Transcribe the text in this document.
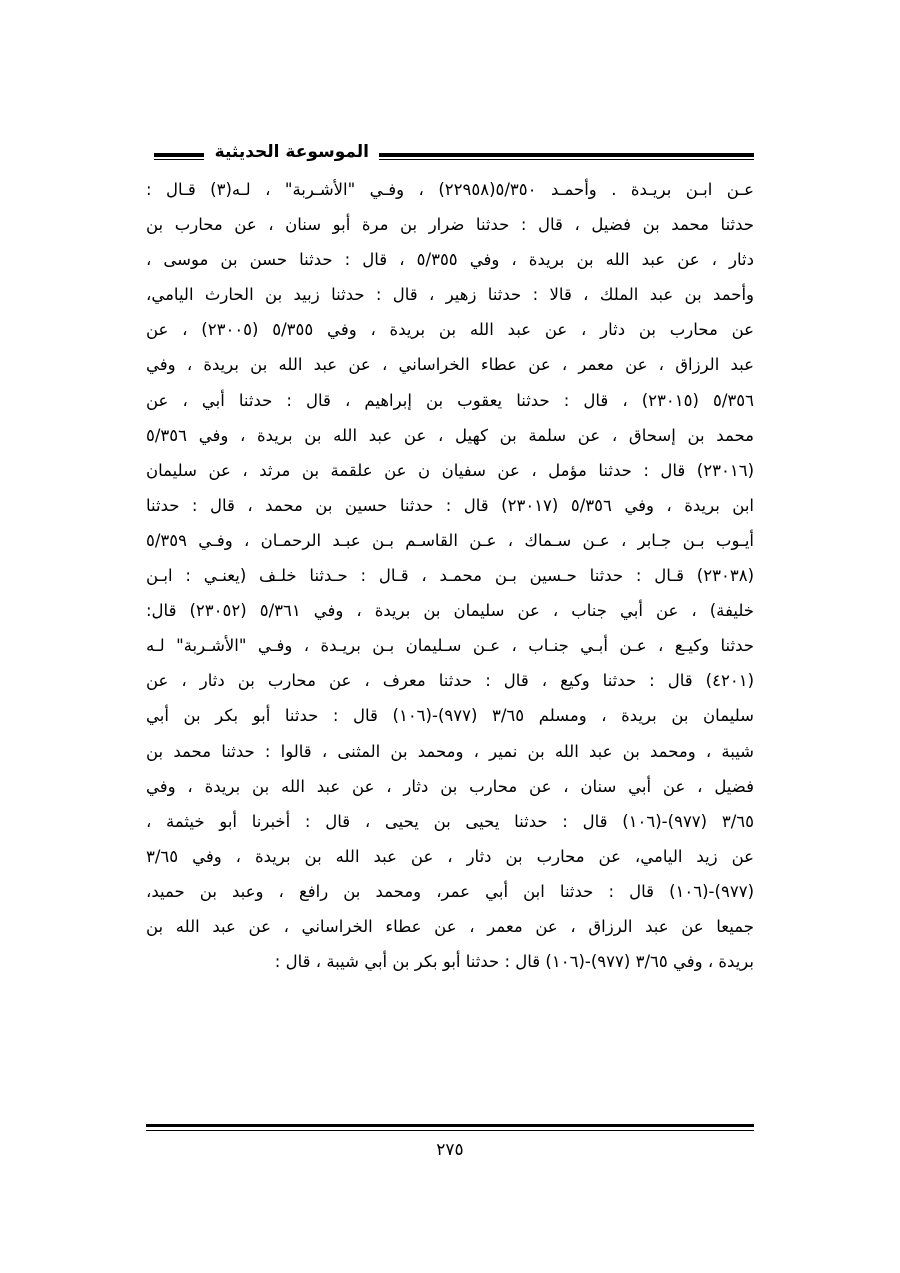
الموسوعة الحديثية
عـن ابـن بريـدة . وأحمـد ٥/٣٥٠(٢٢٩٥٨) ، وفـي "الأشـربة" ، لـه(٣) قـال :
حدثنا محمد بن فضيل ، قال : حدثنا ضرار بن مرة أبو سنان ، عن محارب بن
دثار ، عن عبد الله بن بريدة ، وفي ٥/٣٥٥ ، قال : حدثنا حسن بن موسى ،
وأحمد بن عبد الملك ، قالا : حدثنا زهير ، قال : حدثنا زبيد بن الحارث اليامي،
عن محارب بن دثار ، عن عبد الله بن بريدة ، وفي ٥/٣٥٥ (٢٣٠٠٥) ، عن
عبد الرزاق ، عن معمر ، عن عطاء الخراساني ، عن عبد الله بن بريدة ، وفي
٥/٣٥٦ (٢٣٠١٥) ، قال : حدثنا يعقوب بن إبراهيم ، قال : حدثنا أبي ، عن
محمد بن إسحاق ، عن سلمة بن كهيل ، عن عبد الله بن بريدة ، وفي ٥/٣٥٦
(٢٣٠١٦) قال : حدثنا مؤمل ، عن سفيان ن عن علقمة بن مرثد ، عن سليمان
ابن بريدة ، وفي ٥/٣٥٦ (٢٣٠١٧) قال : حدثنا حسين بن محمد ، قال : حدثنا
أيـوب بـن جـابر ، عـن سـماك ، عـن القاسـم بـن عبـد الرحمـان ، وفـي ٥/٣٥٩
(٢٣٠٣٨) قـال : حدثنا حـسين بـن محمـد ، قـال : حـدثنا خلـف (يعنـي : ابـن
خليفة) ، عن أبي جناب ، عن سليمان بن بريدة ، وفي ٥/٣٦١ (٢٣٠٥٢) قال:
حدثنا وكيـع ، عـن أبـي جنـاب ، عـن سـليمان بـن بريـدة ، وفـي "الأشـربة" لـه
(٤٢٠١) قال : حدثنا وكيع ، قال : حدثنا معرف ، عن محارب بن دثار ، عن
سليمان بن بريدة ، ومسلم ٣/٦٥ (٩٧٧)-(١٠٦) قال : حدثنا أبو بكر بن أبي
شيبة ، ومحمد بن عبد الله بن نمير ، ومحمد بن المثنى ، قالوا : حدثنا محمد بن
فضيل ، عن أبي سنان ، عن محارب بن دثار ، عن عبد الله بن بريدة ، وفي
٣/٦٥ (٩٧٧)-(١٠٦) قال : حدثنا يحيى بن يحيى ، قال : أخبرنا أبو خيثمة ،
عن زيد اليامي، عن محارب بن دثار ، عن عبد الله بن بريدة ، وفي ٣/٦٥
(٩٧٧)-(١٠٦) قال : حدثنا ابن أبي عمر، ومحمد بن رافع ، وعبد بن حميد،
جميعا عن عبد الرزاق ، عن معمر ، عن عطاء الخراساني ، عن عبد الله بن
بريدة ، وفي ٣/٦٥ (٩٧٧)-(١٠٦) قال : حدثنا أبو بكر بن أبي شيبة ، قال :
٢٧٥
